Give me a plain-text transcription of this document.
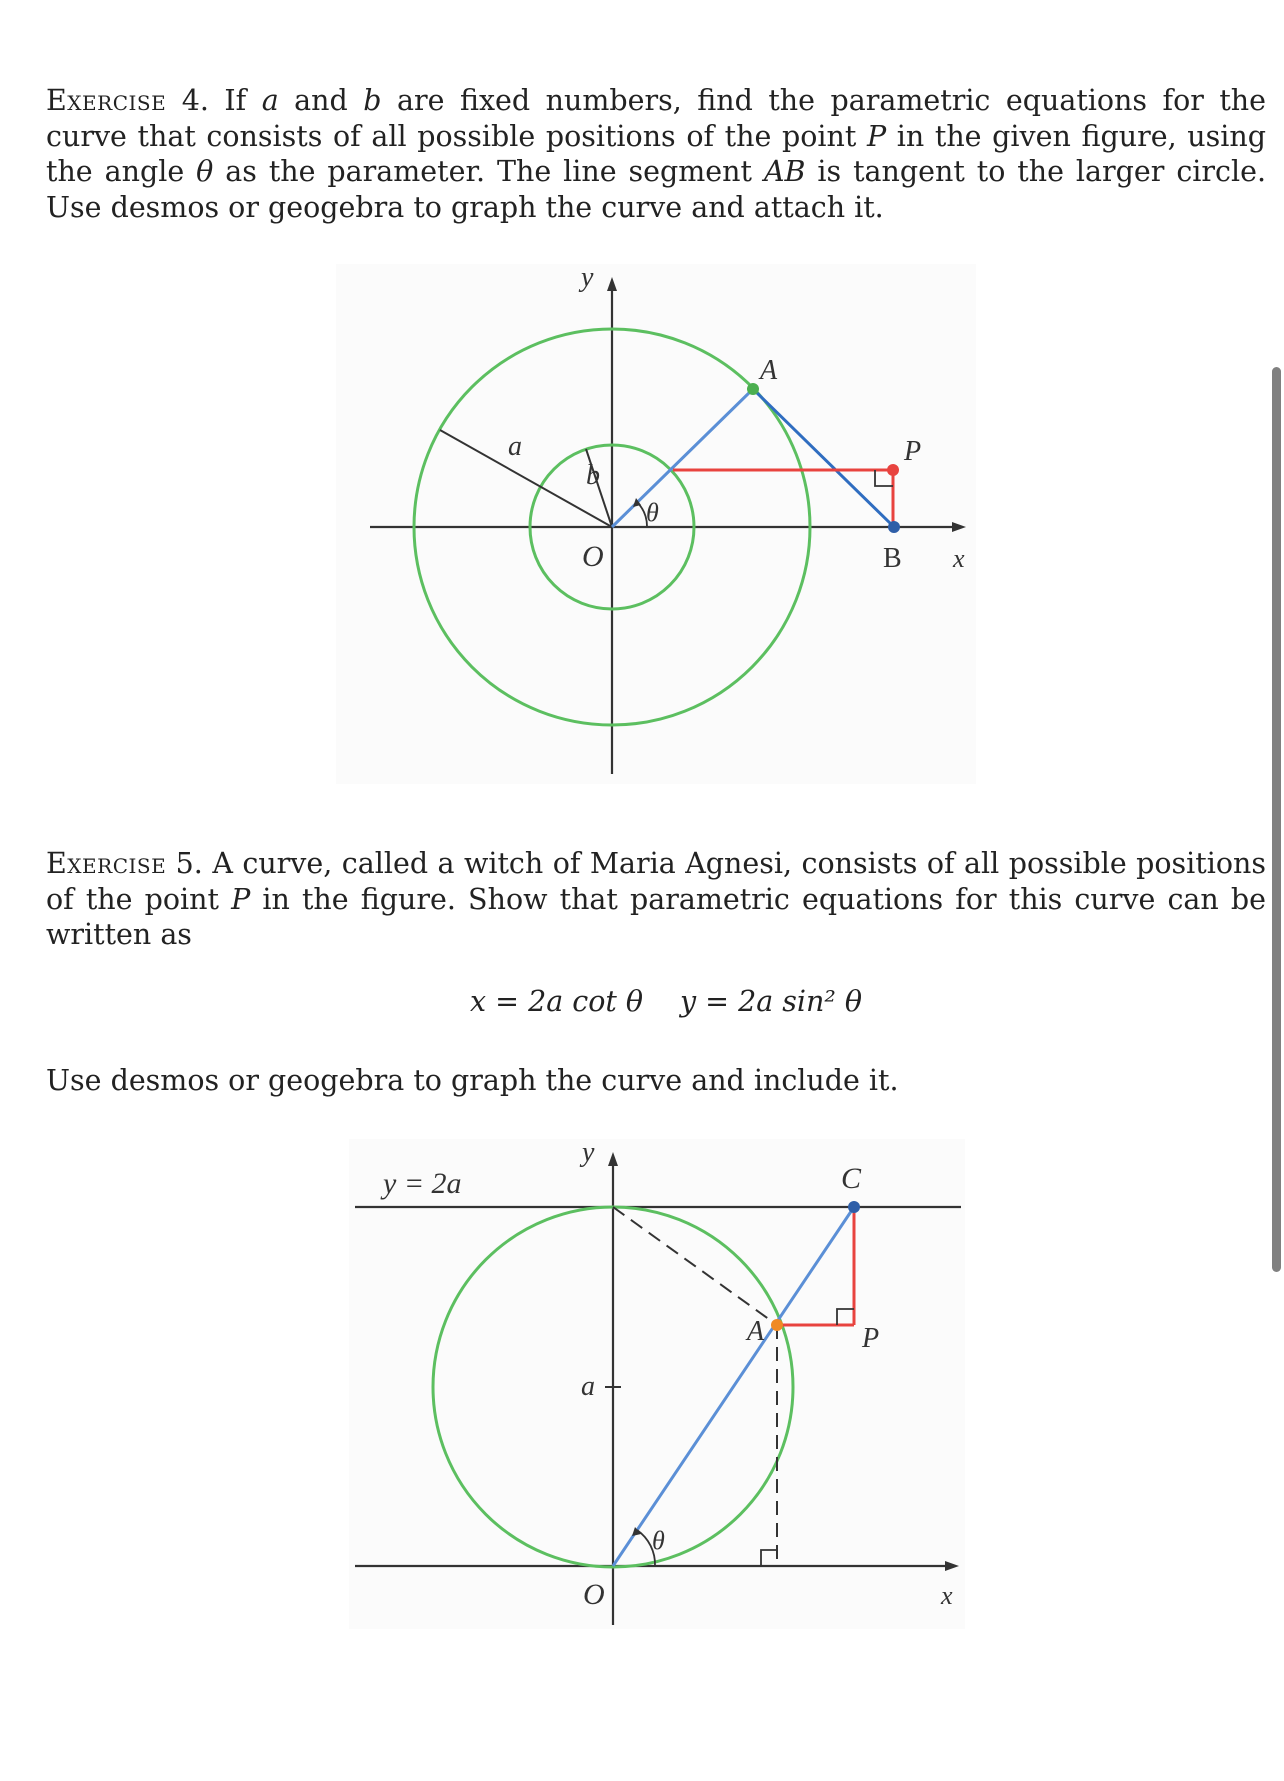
Exercise 4. If a and b are fixed numbers, find the parametric equations for the curve that consists of all possible positions of the point P in the given figure, using the angle θ as the parameter. The line segment AB is tangent to the larger circle. Use desmos or geogebra to graph the curve and attach it.

y
A
P
B x
O
a
b
θ

Exercise 5. A curve, called a witch of Maria Agnesi, consists of all possible positions of the point P in the figure. Show that parametric equations for this curve can be written as

x = 2a cot θ y = 2a sin² θ

Use desmos or geogebra to graph the curve and include it.

y
y = 2a	C
A	P
a
θ
O	x
